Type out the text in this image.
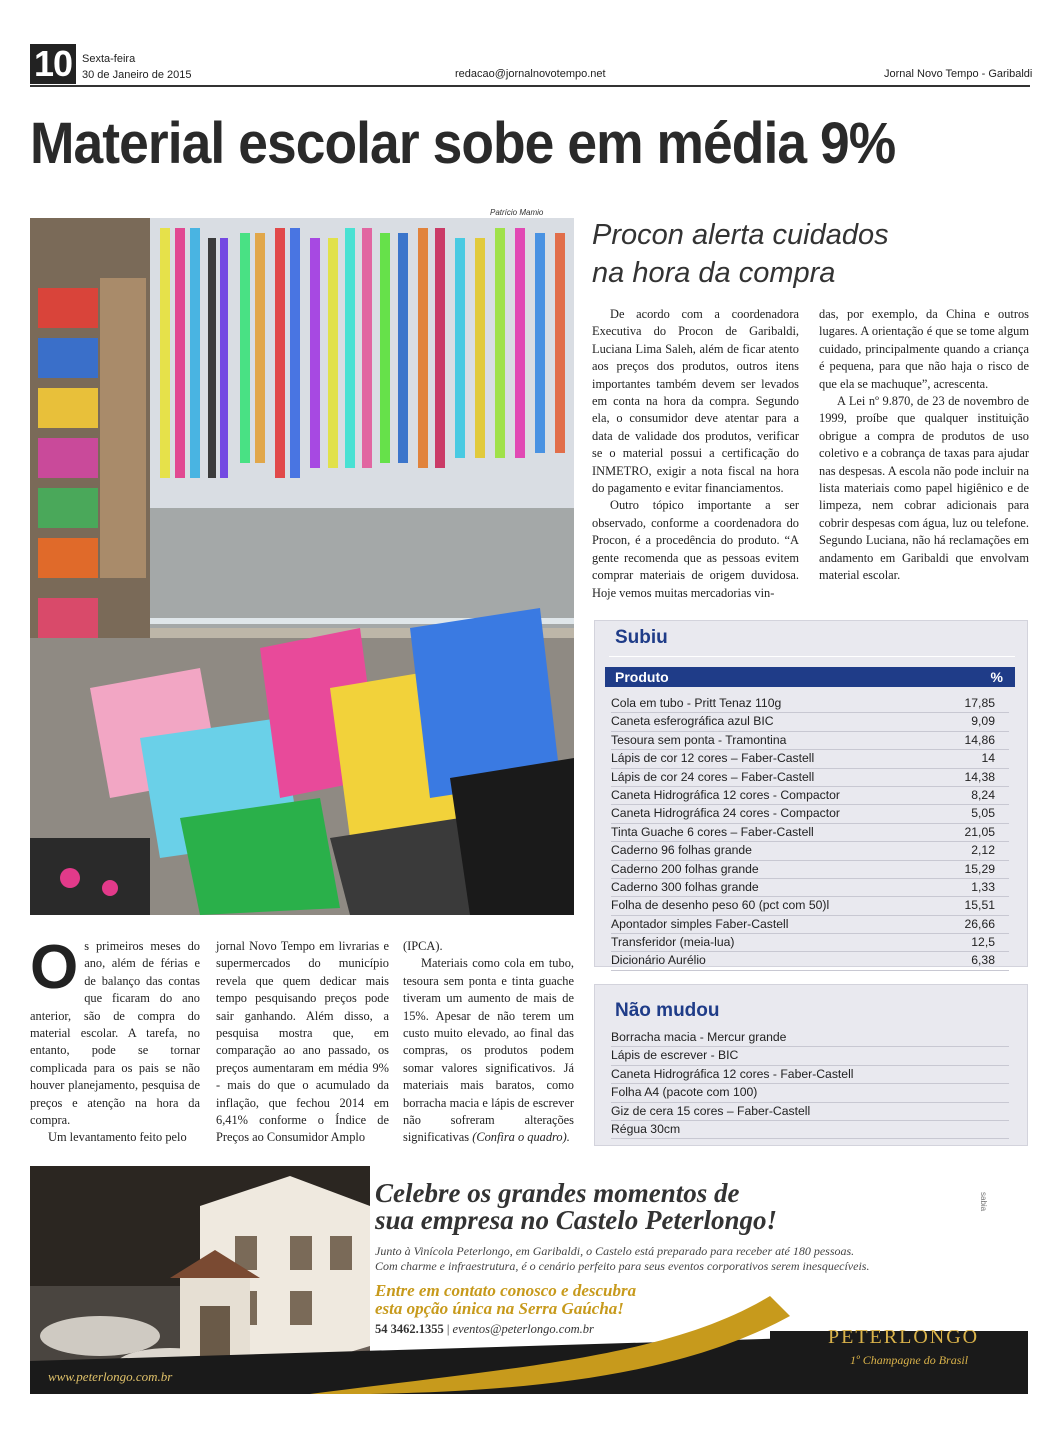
10 Sexta-feira
30 de Janeiro de 2015	redacao@jornalnovotempo.net	Jornal Novo Tempo - Garibaldi
Material escolar sobe em média 9%
Patrício Mamio
Procon alerta cuidados
na hora da compra

De acordo com a coordenadora Executiva do Procon de Garibaldi, Luciana Lima Saleh, além de ficar atento aos preços dos produtos, outros itens importantes também devem ser levados em conta na hora da compra. Segundo ela, o consumidor deve atentar para a data de validade dos produtos, verificar se o material possui a certificação do INMETRO, exigir a nota fiscal na hora do pagamento e evitar financiamentos.

Outro tópico importante a ser observado, conforme a coordenadora do Procon, é a procedência do produto. “A gente recomenda que as pessoas evitem comprar materiais de origem duvidosa. Hoje vemos muitas mercadorias vin-

das, por exemplo, da China e outros lugares. A orientação é que se tome algum cuidado, principalmente quando a criança é pequena, para que não haja o risco de que ela se machuque”, acrescenta.

A Lei nº 9.870, de 23 de novembro de 1999, proíbe que qualquer instituição obrigue a compra de produtos de uso coletivo e a cobrança de taxas para ajudar nas despesas. A escola não pode incluir na lista materiais como papel higiênico e de limpeza, nem cobrar adicionais para cobrir despesas com água, luz ou telefone. Segundo Luciana, não há reclamações em andamento em Garibaldi que envolvam material escolar.

Os primeiros meses do ano, além de férias e de balanço das contas que ficaram do ano anterior, são de compra do material escolar. A tarefa, no entanto, pode se tornar complicada para os pais se não houver planejamento, pesquisa de preços e atenção na hora da compra.

Um levantamento feito pelo

jornal Novo Tempo em livrarias e supermercados do município revela que quem dedicar mais tempo pesquisando preços pode sair ganhando. Além disso, a pesquisa mostra que, em comparação ao ano passado, os preços aumentaram em média 9% - mais do que o acumulado da inflação, que fechou 2014 em 6,41% conforme o Índice de Preços ao Consumidor Amplo

(IPCA).

Materiais como cola em tubo, tesoura sem ponta e tinta guache tiveram um aumento de mais de 15%. Apesar de não terem um custo muito elevado, ao final das compras, os produtos podem somar valores significativos. Já materiais mais baratos, como borracha macia e lápis de escrever não sofreram alterações significativas (Confira o quadro).

Subiu
Produto	%
Cola em tubo - Pritt Tenaz 110g	17,85
Caneta esferográfica azul BIC	9,09
Tesoura sem ponta - Tramontina	14,86
Lápis de cor 12 cores – Faber-Castell	14
Lápis de cor 24 cores – Faber-Castell	14,38
Caneta Hidrográfica 12 cores - Compactor	8,24
Caneta Hidrográfica 24 cores - Compactor	5,05
Tinta Guache 6 cores – Faber-Castell	21,05
Caderno 96 folhas grande	2,12
Caderno 200 folhas grande	15,29
Caderno 300 folhas grande	1,33
Folha de desenho peso 60 (pct com 50)l	15,51
Apontador simples Faber-Castell	26,66
Transferidor (meia-lua)	12,5
Dicionário Aurélio	6,38
Não mudou
Borracha macia - Mercur grande
Lápis de escrever - BIC
Caneta Hidrográfica 12 cores - Faber-Castell
Folha A4 (pacote com 100)
Giz de cera 15 cores – Faber-Castell
Régua 30cm
Celebre os grandes momentos de
sua empresa no Castelo Peterlongo!
Junto à Vinícola Peterlongo, em Garibaldi, o Castelo está preparado para receber até 180 pessoas.
Com charme e infraestrutura, é o cenário perfeito para seus eventos corporativos serem inesquecíveis.
Entre em contato conosco e descubra
esta opção única na Serra Gaúcha!
54 3462.1355 | eventos@peterlongo.com.br
www.peterlongo.com.br
PETERLONGO
1º Champagne do Brasil
sabia
